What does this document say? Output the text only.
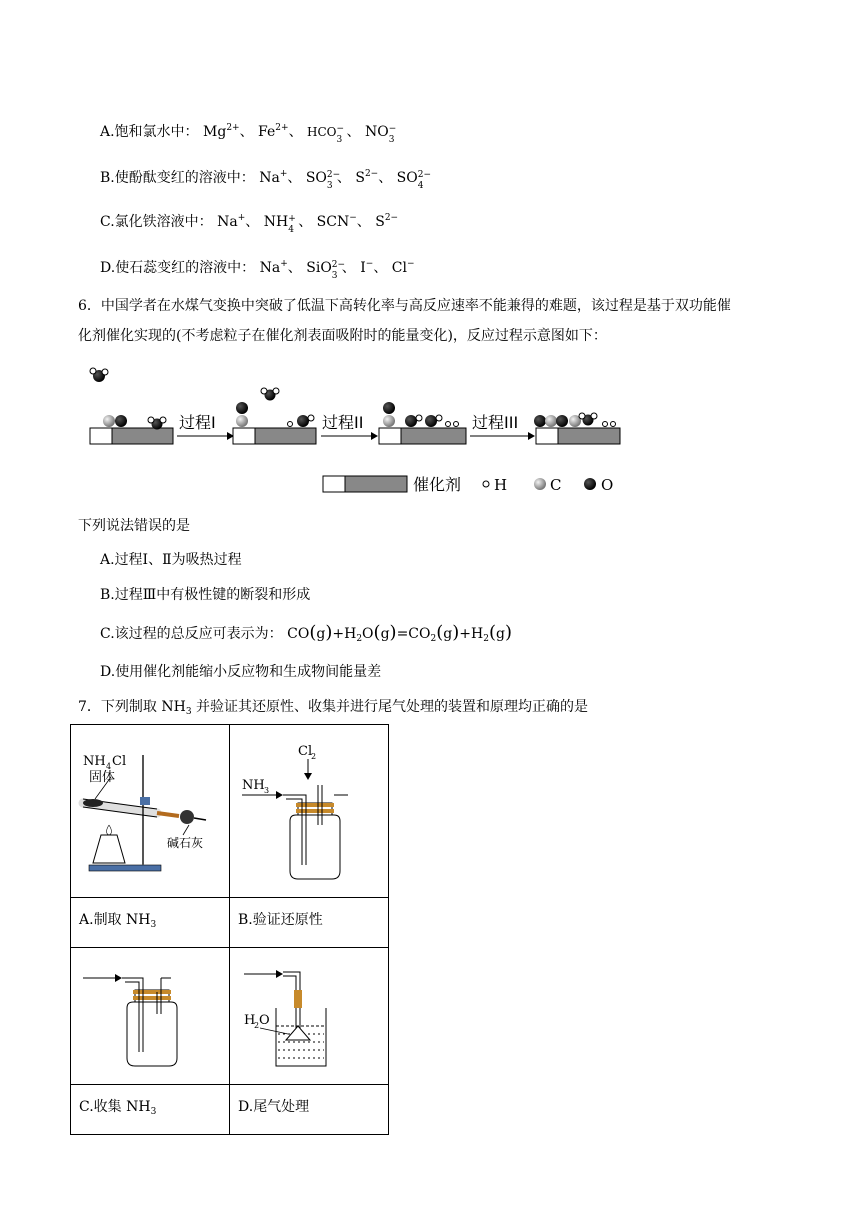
A.饱和氯水中： $Mg^{2+}$、 $Fe^{2+}$、 HCO −
3 、 NO −
3
B.使酚酞变红的溶液中： Na+、 SO 2−
3 、 $S^{2-}$、 SO 2−
4
C.氯化铁溶液中： Na+、 NH +
4 、 SCN−、 $S^{2-}$
D.使石蕊变红的溶液中： Na+、 SiO 2−
3 、 I−、 Cl−
6．中国学者在水煤气变换中突破了低温下高转化率与高反应速率不能兼得的难题，该过程是基于双功能催
化剂催化实现的(不考虑粒子在催化剂表面吸附时的能量变化)，反应过程示意图如下：
过程I	过程II	过程III
催化剂 H	C	O
下列说法错误的是
A.过程Ⅰ、Ⅱ为吸热过程
B.过程Ⅲ中有极性键的断裂和形成
C.该过程的总反应可表示为： $CO(g)+H_2O(g)=CO_2(g)+H_2(g)$
D.使用催化剂能缩小反应物和生成物间能量差
7．下列制取 $NH_3$ 并验证其还原性、收集并进行尾气处理的装置和原理均正确的是
NH 4 Cl
固体
碱石灰	Cl
2
NH 3

A.制取 $NH_3$	B.验证还原性

H
2 O

C.收集 $NH_3$	D.尾气处理
